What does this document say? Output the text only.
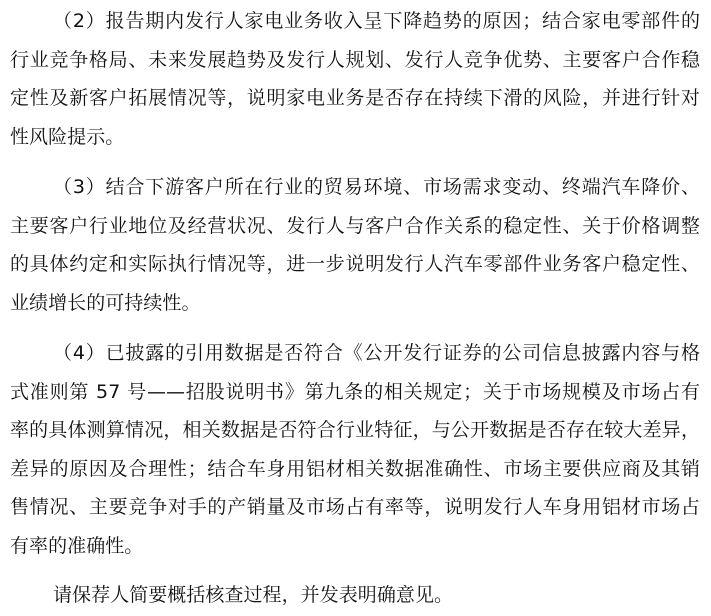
（2）报告期内发行人家电业务收入呈下降趋势的原因；结合家电零部件的
行业竞争格局、未来发展趋势及发行人规划、发行人竞争优势、主要客户合作稳
定性及新客户拓展情况等，说明家电业务是否存在持续下滑的风险，并进行针对
性风险提示。
（3）结合下游客户所在行业的贸易环境、市场需求变动、终端汽车降价、
主要客户行业地位及经营状况、发行人与客户合作关系的稳定性、关于价格调整
的具体约定和实际执行情况等，进一步说明发行人汽车零部件业务客户稳定性、
业绩增长的可持续性。
（4）已披露的引用数据是否符合《公开发行证券的公司信息披露内容与格
式准则第 57 号——招股说明书》第九条的相关规定；关于市场规模及市场占有
率的具体测算情况，相关数据是否符合行业特征，与公开数据是否存在较大差异，
差异的原因及合理性；结合车身用铝材相关数据准确性、市场主要供应商及其销
售情况、主要竞争对手的产销量及市场占有率等，说明发行人车身用铝材市场占
有率的准确性。
请保荐人简要概括核查过程，并发表明确意见。
